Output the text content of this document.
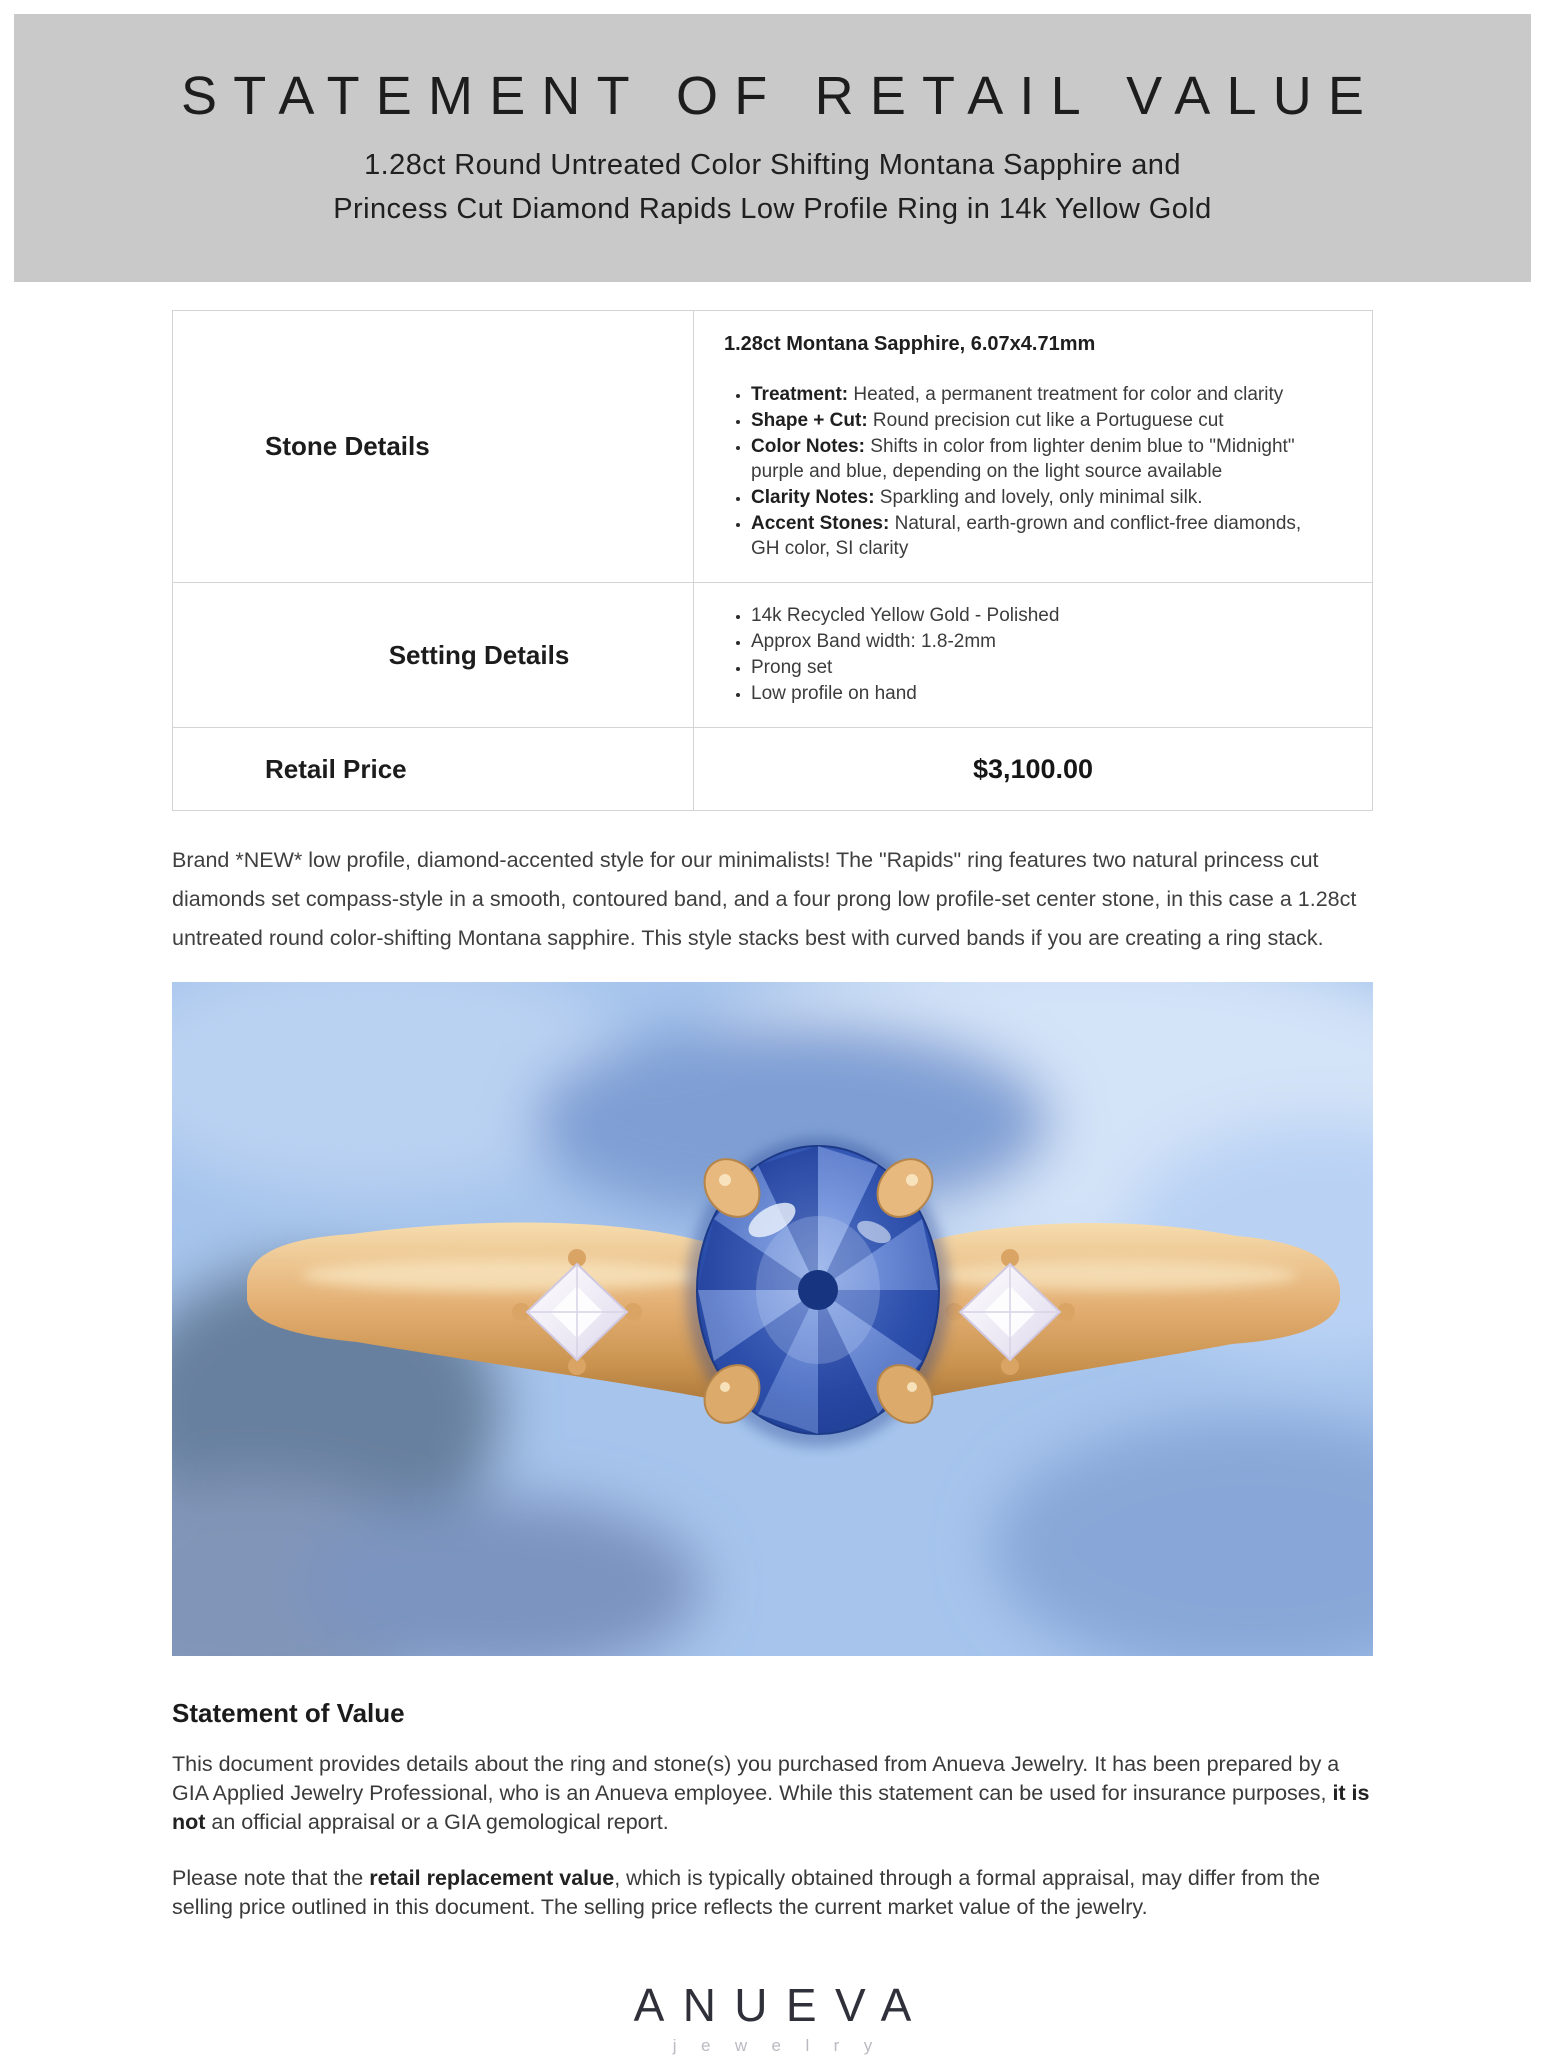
STATEMENT OF RETAIL VALUE
1.28ct Round Untreated Color Shifting Montana Sapphire and
Princess Cut Diamond Rapids Low Profile Ring in 14k Yellow Gold
Stone Details
1.28ct Montana Sapphire, 6.07x4.71mm
• Treatment: Heated, a permanent treatment for color and clarity
• Shape + Cut: Round precision cut like a Portuguese cut
• Color Notes: Shifts in color from lighter denim blue to "Midnight" purple and blue, depending on the light source available
• Clarity Notes: Sparkling and lovely, only minimal silk.
• Accent Stones: Natural, earth-grown and conflict-free diamonds, GH color, SI clarity
Setting Details
• 14k Recycled Yellow Gold - Polished
• Approx Band width: 1.8-2mm
• Prong set
• Low profile on hand
Retail Price	$3,100.00

Brand *NEW* low profile, diamond-accented style for our minimalists! The "Rapids" ring features two natural princess cut diamonds set compass-style in a smooth, contoured band, and a four prong low profile-set center stone, in this case a 1.28ct untreated round color-shifting Montana sapphire. This style stacks best with curved bands if you are creating a ring stack.

Statement of Value

This document provides details about the ring and stone(s) you purchased from Anueva Jewelry. It has been prepared by a GIA Applied Jewelry Professional, who is an Anueva employee. While this statement can be used for insurance purposes, it is not an official appraisal or a GIA gemological report.

Please note that the retail replacement value, which is typically obtained through a formal appraisal, may differ from the selling price outlined in this document. The selling price reflects the current market value of the jewelry.

ANUEVA
j e w e l r y
